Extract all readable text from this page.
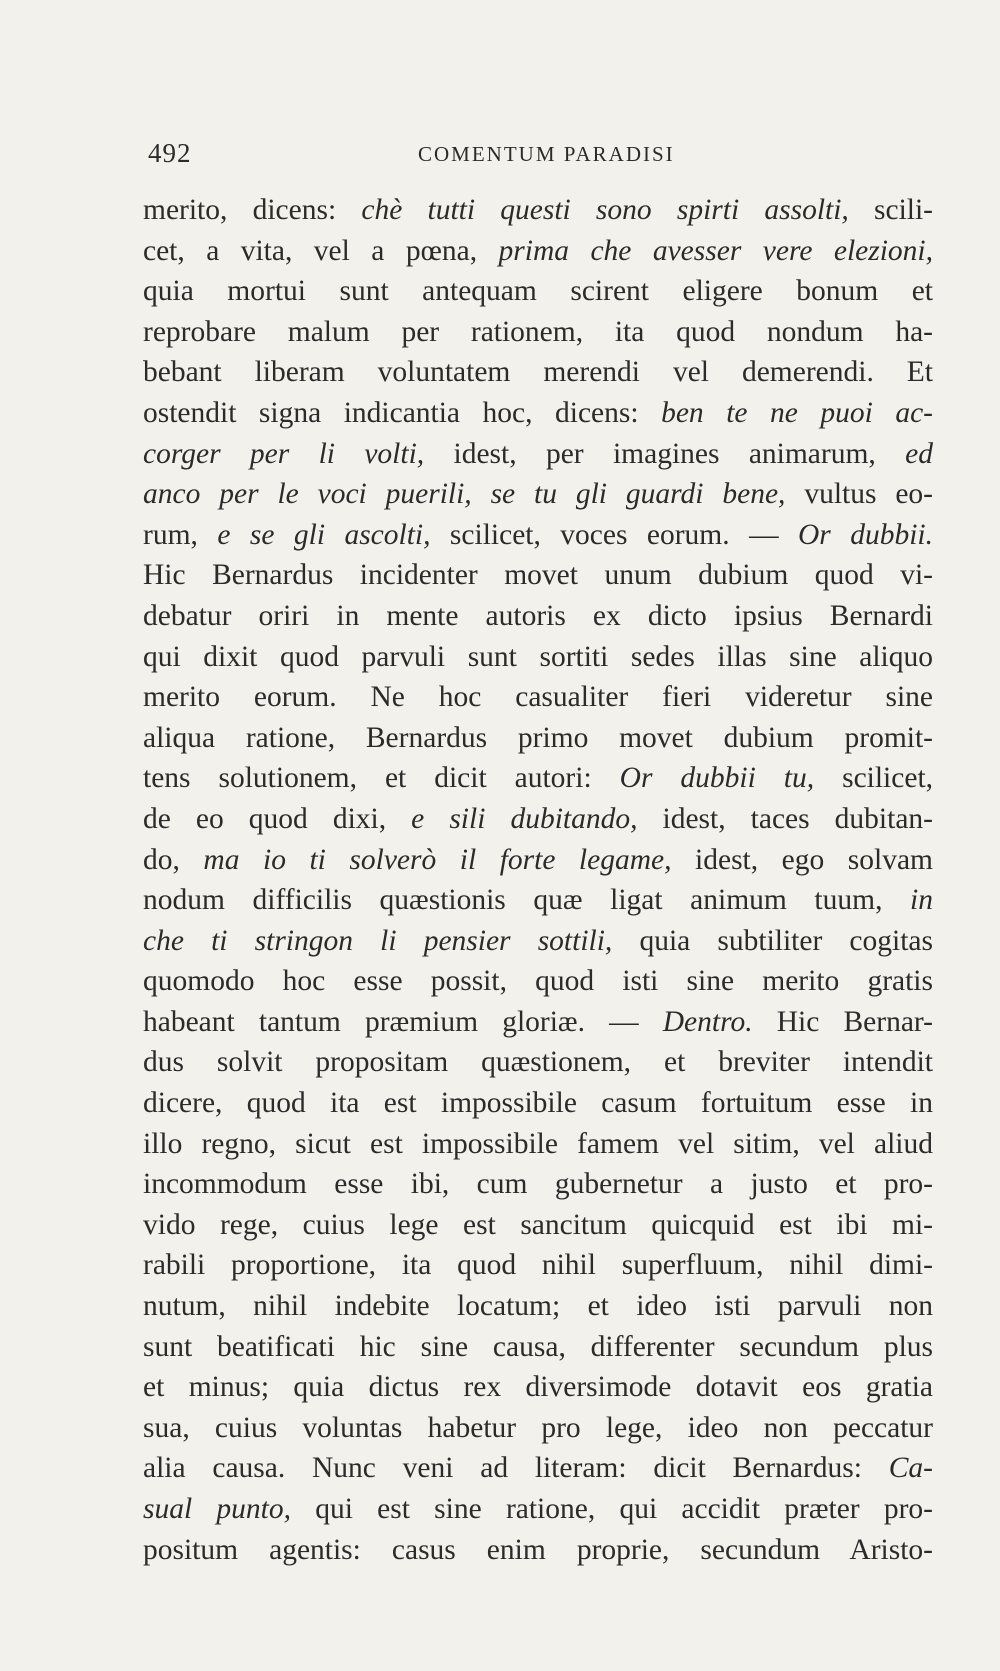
492	COMENTUM PARADISI
merito, dicens: chè tutti questi sono spirti assolti, scili-
cet, a vita, vel a pœna, prima che avesser vere elezioni,
quia mortui sunt antequam scirent eligere bonum et
reprobare malum per rationem, ita quod nondum ha-
bebant liberam voluntatem merendi vel demerendi. Et
ostendit signa indicantia hoc, dicens: ben te ne puoi ac-
corger per li volti, idest, per imagines animarum, ed
anco per le voci puerili, se tu gli guardi bene, vultus eo-
rum, e se gli ascolti, scilicet, voces eorum. — Or dubbii.
Hic Bernardus incidenter movet unum dubium quod vi-
debatur oriri in mente autoris ex dicto ipsius Bernardi
qui dixit quod parvuli sunt sortiti sedes illas sine aliquo
merito eorum. Ne hoc casualiter fieri videretur sine
aliqua ratione, Bernardus primo movet dubium promit-
tens solutionem, et dicit autori: Or dubbii tu, scilicet,
de eo quod dixi, e sili dubitando, idest, taces dubitan-
do, ma io ti solverò il forte legame, idest, ego solvam
nodum difficilis quæstionis quæ ligat animum tuum, in
che ti stringon li pensier sottili, quia subtiliter cogitas
quomodo hoc esse possit, quod isti sine merito gratis
habeant tantum præmium gloriæ. — Dentro. Hic Bernar-
dus solvit propositam quæstionem, et breviter intendit
dicere, quod ita est impossibile casum fortuitum esse in
illo regno, sicut est impossibile famem vel sitim, vel aliud
incommodum esse ibi, cum gubernetur a justo et pro-
vido rege, cuius lege est sancitum quicquid est ibi mi-
rabili proportione, ita quod nihil superfluum, nihil dimi-
nutum, nihil indebite locatum; et ideo isti parvuli non
sunt beatificati hic sine causa, differenter secundum plus
et minus; quia dictus rex diversimode dotavit eos gratia
sua, cuius voluntas habetur pro lege, ideo non peccatur
alia causa. Nunc veni ad literam: dicit Bernardus: Ca-
sual punto, qui est sine ratione, qui accidit præter pro-
positum agentis: casus enim proprie, secundum Aristo-
